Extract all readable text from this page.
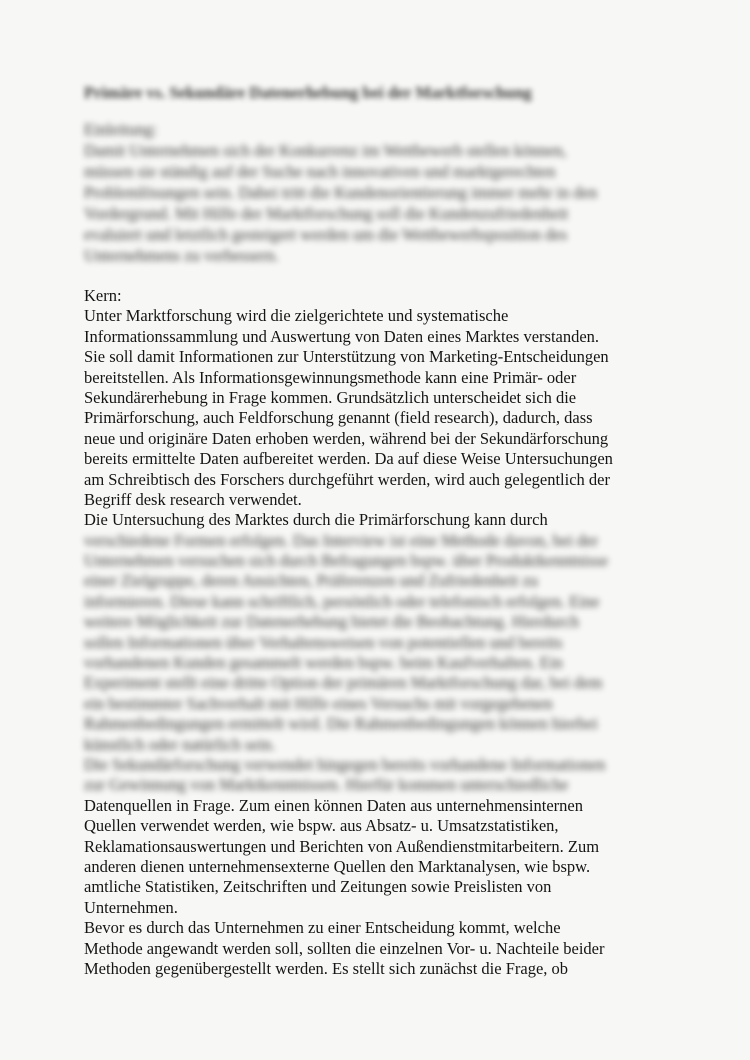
Primäre vs. Sekundäre Datenerhebung bei der Marktforschung
Einleitung:
Damit Unternehmen sich der Konkurrenz im Wettbewerb stellen können,
müssen sie ständig auf der Suche nach innovativen und marktgerechten
Problemlösungen sein. Dabei tritt die Kundenorientierung immer mehr in den
Vordergrund. Mit Hilfe der Marktforschung soll die Kundenzufriedenheit
evaluiert und letztlich gesteigert werden um die Wettbewerbsposition des
Unternehmens zu verbessern.
Kern:
Unter Marktforschung wird die zielgerichtete und systematische
Informationssammlung und Auswertung von Daten eines Marktes verstanden.
Sie soll damit Informationen zur Unterstützung von Marketing-Entscheidungen
bereitstellen. Als Informationsgewinnungsmethode kann eine Primär- oder
Sekundärerhebung in Frage kommen. Grundsätzlich unterscheidet sich die
Primärforschung, auch Feldforschung genannt (field research), dadurch, dass
neue und originäre Daten erhoben werden, während bei der Sekundärforschung
bereits ermittelte Daten aufbereitet werden. Da auf diese Weise Untersuchungen
am Schreibtisch des Forschers durchgeführt werden, wird auch gelegentlich der
Begriff desk research verwendet.
Die Untersuchung des Marktes durch die Primärforschung kann durch
verschiedene Formen erfolgen. Das Interview ist eine Methode davon, bei der
Unternehmen versuchen sich durch Befragungen bspw. über Produktkenntnisse
einer Zielgruppe, deren Ansichten, Präferenzen und Zufriedenheit zu
informieren. Diese kann schriftlich, persönlich oder telefonisch erfolgen. Eine
weitere Möglichkeit zur Datenerhebung bietet die Beobachtung. Hierdurch
sollen Informationen über Verhaltensweisen von potentiellen und bereits
vorhandenen Kunden gesammelt werden bspw. beim Kaufverhalten. Ein
Experiment stellt eine dritte Option der primären Marktforschung dar, bei dem
ein bestimmter Sachverhalt mit Hilfe eines Versuchs mit vorgegebenen
Rahmenbedingungen ermittelt wird. Die Rahmenbedingungen können hierbei
künstlich oder natürlich sein.
Die Sekundärforschung verwendet hingegen bereits vorhandene Informationen
zur Gewinnung von Marktkenntnissen. Hierfür kommen unterschiedliche
Datenquellen in Frage. Zum einen können Daten aus unternehmensinternen
Quellen verwendet werden, wie bspw. aus Absatz- u. Umsatzstatistiken,
Reklamationsauswertungen und Berichten von Außendienstmitarbeitern. Zum
anderen dienen unternehmensexterne Quellen den Marktanalysen, wie bspw.
amtliche Statistiken, Zeitschriften und Zeitungen sowie Preislisten von
Unternehmen.
Bevor es durch das Unternehmen zu einer Entscheidung kommt, welche
Methode angewandt werden soll, sollten die einzelnen Vor- u. Nachteile beider
Methoden gegenübergestellt werden. Es stellt sich zunächst die Frage, ob
